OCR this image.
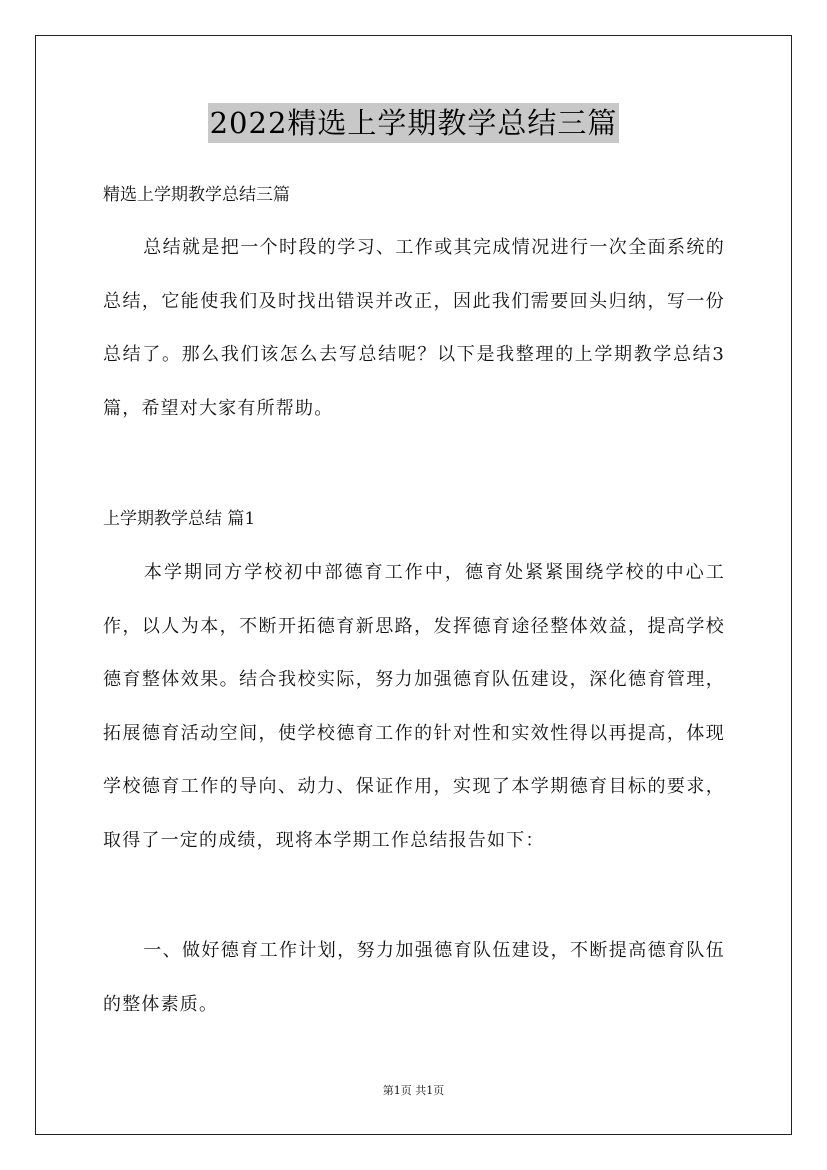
2022精选上学期教学总结三篇
精选上学期教学总结三篇
总结就是把一个时段的学习、工作或其完成情况进行一次全面系统的总结，它能使我们及时找出错误并改正，因此我们需要回头归纳，写一份总结了。那么我们该怎么去写总结呢？以下是我整理的上学期教学总结3篇，希望对大家有所帮助。
上学期教学总结 篇1
本学期同方学校初中部德育工作中，德育处紧紧围绕学校的中心工作，以人为本，不断开拓德育新思路，发挥德育途径整体效益，提高学校德育整体效果。结合我校实际，努力加强德育队伍建设，深化德育管理，拓展德育活动空间，使学校德育工作的针对性和实效性得以再提高，体现学校德育工作的导向、动力、保证作用，实现了本学期德育目标的要求，取得了一定的成绩，现将本学期工作总结报告如下：
一、做好德育工作计划，努力加强德育队伍建设，不断提高德育队伍的整体素质。
第1页 共1页
